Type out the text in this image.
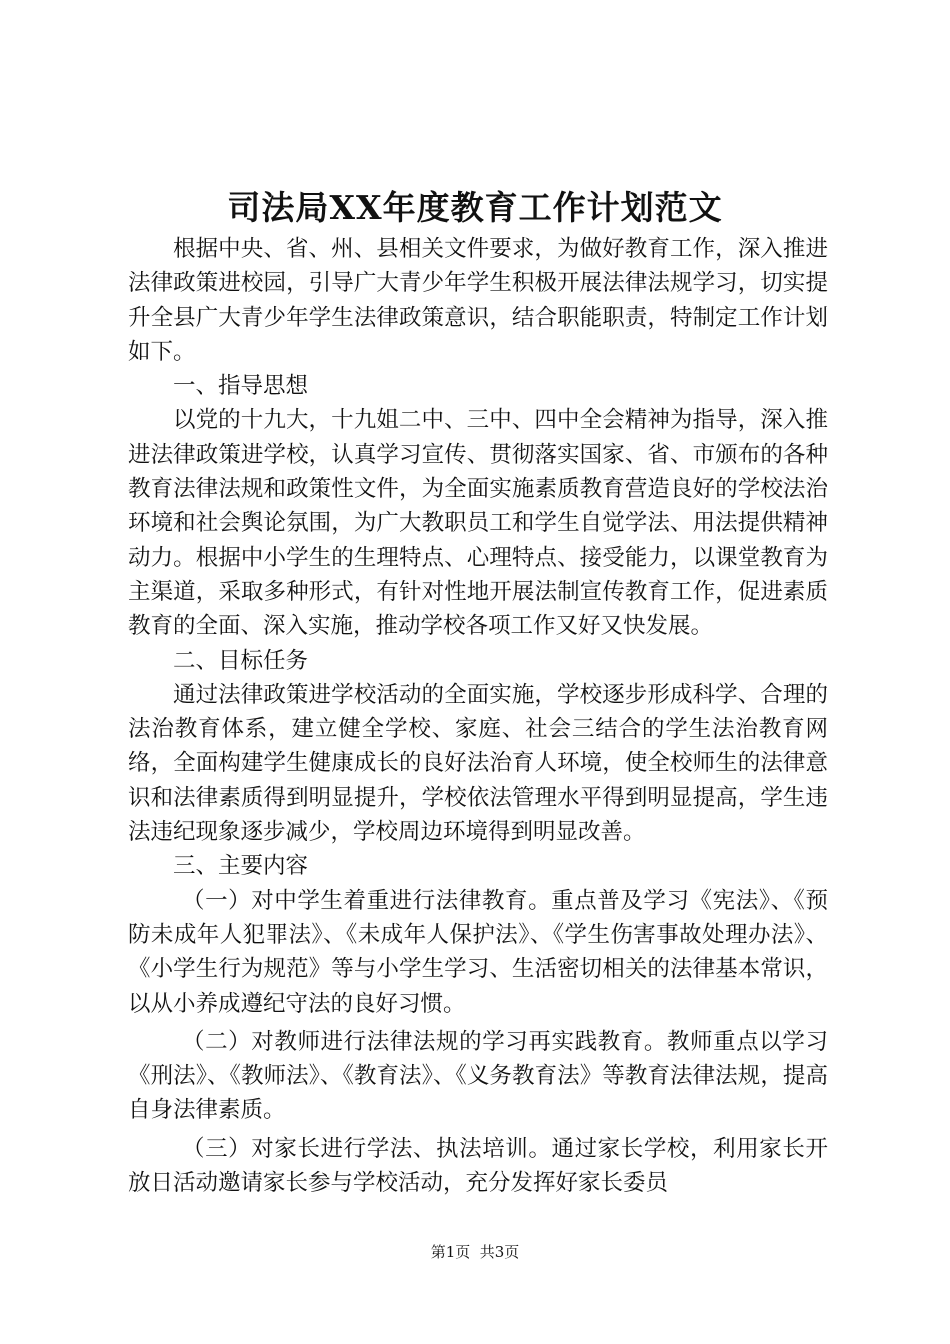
司法局XX年度教育工作计划范文

根据中央、省、州、县相关文件要求，为做好教育工作，深入推进法律政策进校园，引导广大青少年学生积极开展法律法规学习，切实提升全县广大青少年学生法律政策意识，结合职能职责，特制定工作计划如下。

一、指导思想

以党的十九大，十九姐二中、三中、四中全会精神为指导，深入推进法律政策进学校，认真学习宣传、贯彻落实国家、省、市颁布的各种教育法律法规和政策性文件，为全面实施素质教育营造良好的学校法治环境和社会舆论氛围，为广大教职员工和学生自觉学法、用法提供精神动力。根据中小学生的生理特点、心理特点、接受能力，以课堂教育为主渠道，采取多种形式，有针对性地开展法制宣传教育工作，促进素质教育的全面、深入实施，推动学校各项工作又好又快发展。

二、目标任务

通过法律政策进学校活动的全面实施，学校逐步形成科学、合理的法治教育体系，建立健全学校、家庭、社会三结合的学生法治教育网络，全面构建学生健康成长的良好法治育人环境，使全校师生的法律意识和法律素质得到明显提升，学校依法管理水平得到明显提高，学生违法违纪现象逐步减少，学校周边环境得到明显改善。

三、主要内容

（一）对中学生着重进行法律教育。重点普及学习《宪法》、《预防未成年人犯罪法》、《未成年人保护法》、《学生伤害事故处理办法》、《小学生行为规范》等与小学生学习、生活密切相关的法律基本常识，以从小养成遵纪守法的良好习惯。

（二）对教师进行法律法规的学习再实践教育。教师重点以学习《刑法》、《教师法》、《教育法》、《义务教育法》等教育法律法规，提高自身法律素质。

（三）对家长进行学法、执法培训。通过家长学校，利用家长开放日活动邀请家长参与学校活动，充分发挥好家长委员

第1页  共3页
